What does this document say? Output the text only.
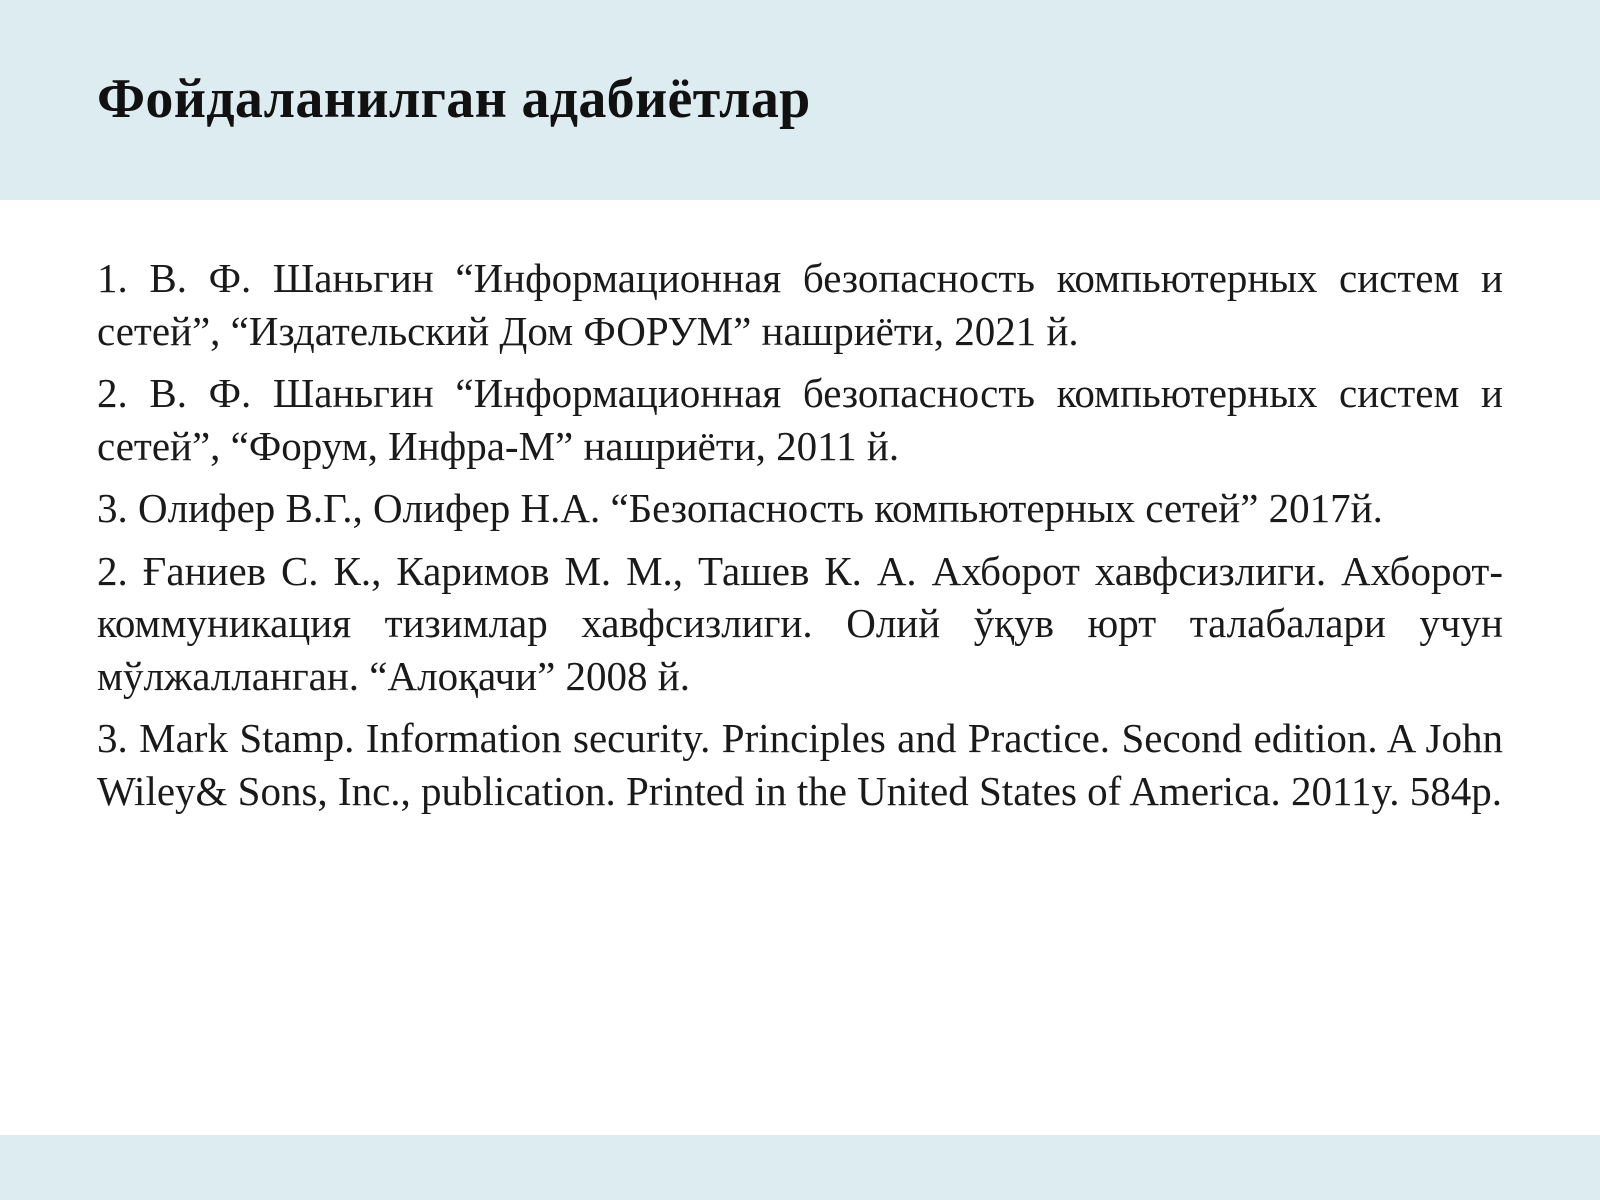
Фойдаланилган адабиётлар
1. В. Ф. Шаньгин “Информационная безопасность компьютерных систем и сетей”, “Издательский Дом ФОРУМ” нашриёти, 2021 й.
2. В. Ф. Шаньгин “Информационная безопасность компьютерных систем и сетей”, “Форум, Инфра-М” нашриёти, 2011 й.
3. Олифер В.Г., Олифер Н.А. “Безопасность компьютерных сетей” 2017й.
2. Ғаниев С. К., Каримов М. М., Ташев К. А. Ахборот хавфсизлиги. Ахборот-коммуникация тизимлар хавфсизлиги. Олий ўқув юрт талабалари учун мўлжалланган. “Алоқачи” 2008 й.
3. Mark Stamp. Information security. Principles and Practice. Second edition. A John Wiley& Sons, Inc., publication. Printed in the United States of America. 2011y. 584p.
